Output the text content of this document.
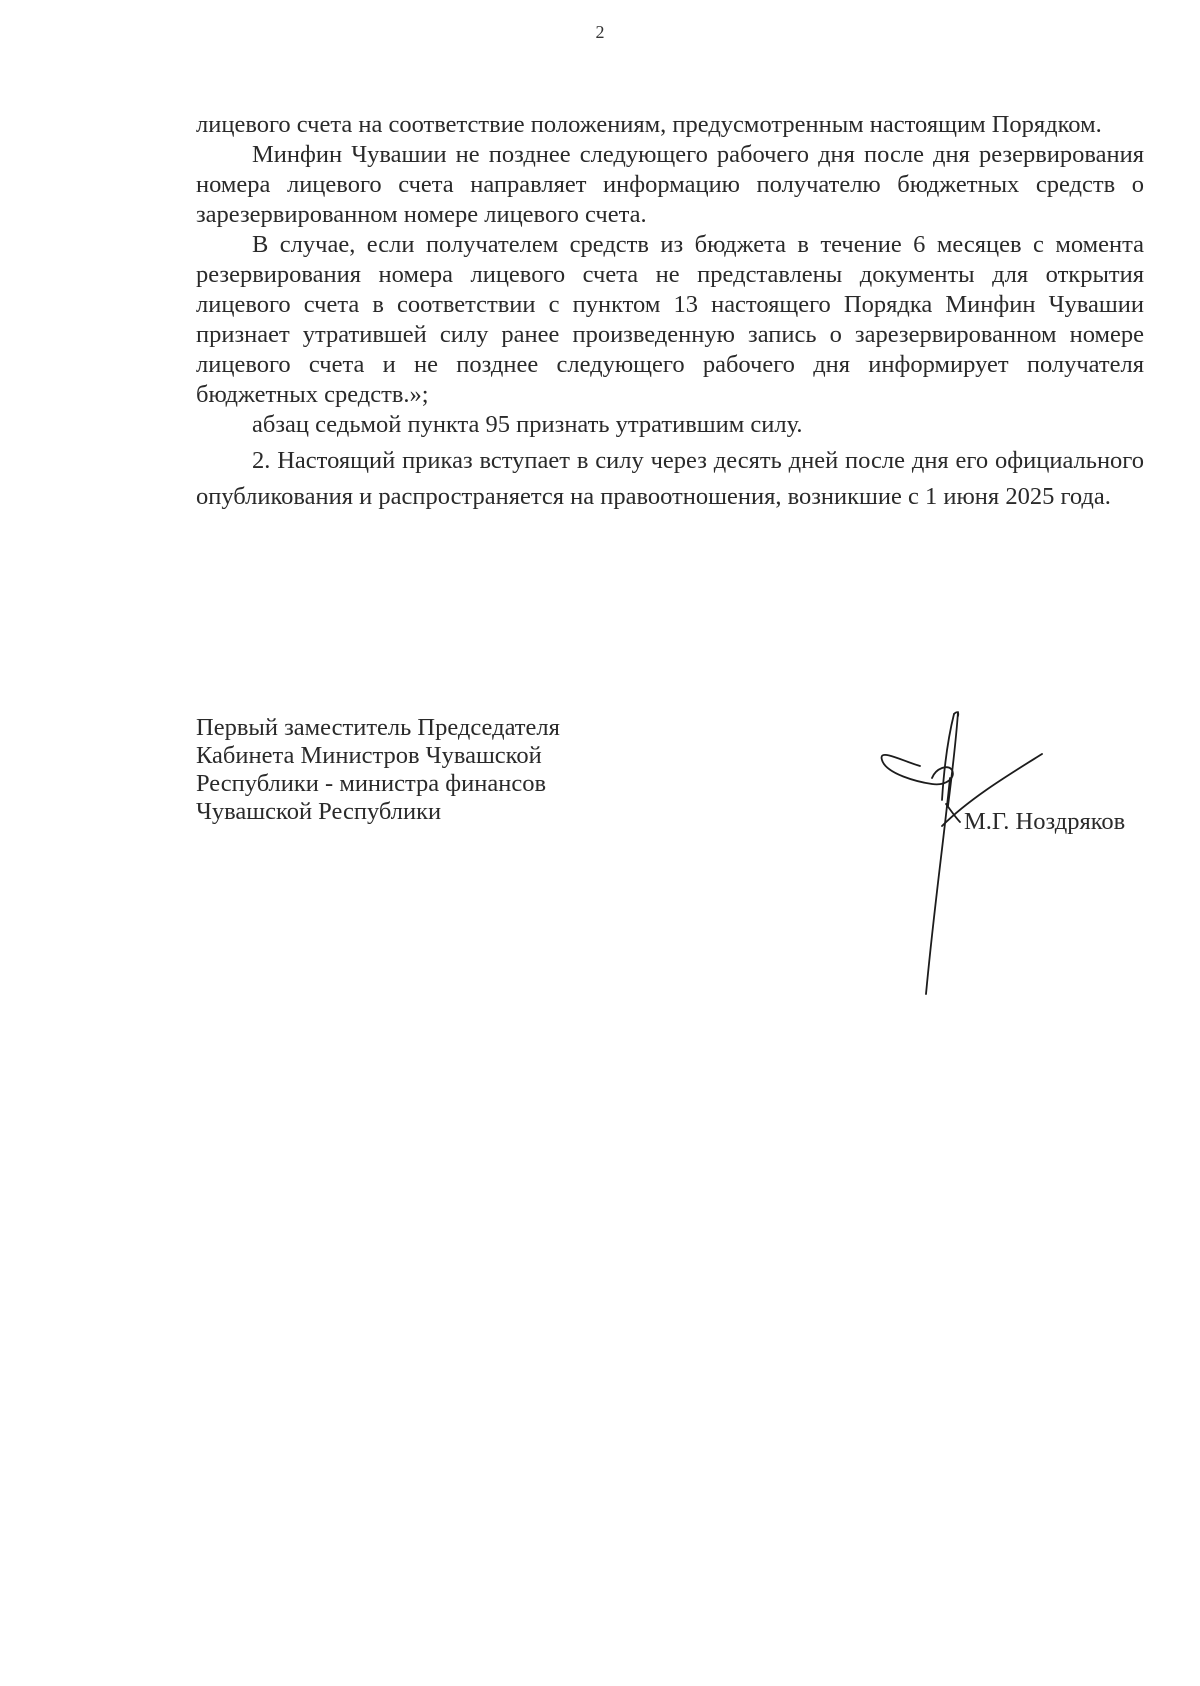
2

лицевого счета на соответствие положениям, предусмотренным настоящим Порядком.

Минфин Чувашии не позднее следующего рабочего дня после дня резервирования номера лицевого счета направляет информацию получателю бюджетных средств о зарезервированном номере лицевого счета.

В случае, если получателем средств из бюджета в течение 6 месяцев с момента резервирования номера лицевого счета не представлены документы для открытия лицевого счета в соответствии с пунктом 13 настоящего Порядка Минфин Чувашии признает утратившей силу ранее произведенную запись о зарезервированном номере лицевого счета и не позднее следующего рабочего дня информирует получателя бюджетных средств.»;

абзац седьмой пункта 95 признать утратившим силу.

2. Настоящий приказ вступает в силу через десять дней после дня его официального опубликования и распространяется на правоотношения, возникшие с 1 июня 2025 года.

Первый заместитель Председателя
Кабинета Министров Чувашской
Республики - министра финансов
Чувашской Республики	М.Г. Ноздряков
